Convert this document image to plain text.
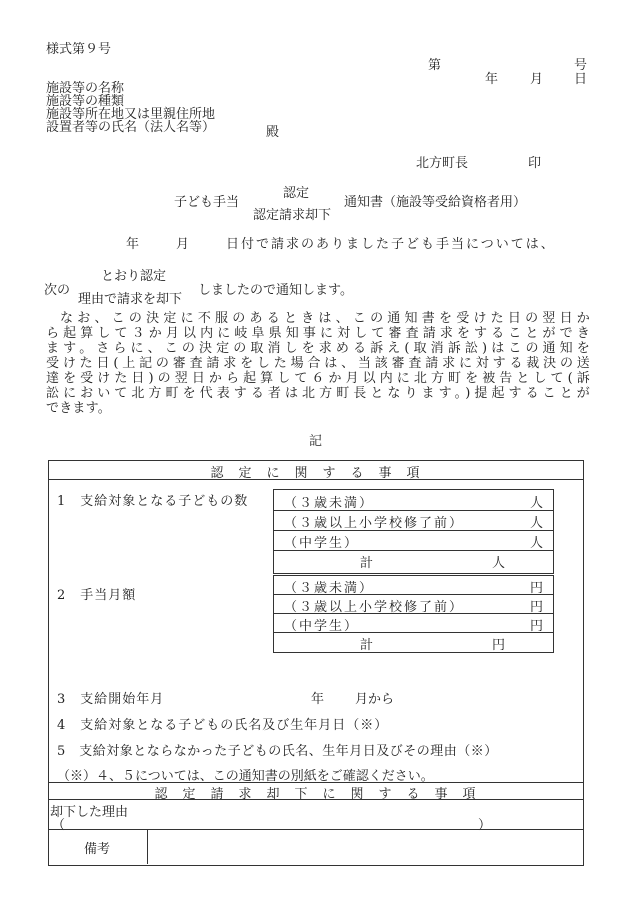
様式第９号
第	号
年 月 日
施設等の名称
施設等の種類
施設等所在地又は里親住所地
設置者等の氏名（法人名等）	殿
北方町長	印
子ども手当
認定
認定請求却下
通知書（施設等受給資格者用）
年	月	日付で請求のありました子ども手当については、
次の
とおり認定
理由で請求を却下
しましたので通知します。
なお、この決定に不服のあるときは、この通知書を受けた日の翌日か
ら起算して３か月以内に岐阜県知事に対して審査請求をすることができ
ます。さらに、この決定の取消しを求める訴え(取消訴訟)はこの通知を
受けた日(上記の審査請求をした場合は、当該審査請求に対する裁決の送
達を受けた日)の翌日から起算して６か月以内に北方町を被告として(訴
訟において北方町を代表する者は北方町長となります。)提起することが
できます。
記
認　定　に　関　す　る　事　項
1　支給対象となる子どもの数	（３歳未満）	人
（３歳以上小学校修了前）	人
（中学生）	人
計	人
2　手当月額	（３歳未満）	円
（３歳以上小学校修了前）	円
（中学生）	円
計	円
3　支給開始年月	年 月から
4　支給対象となる子どもの氏名及び生年月日（※）
5　支給対象とならなかった子どもの氏名、生年月日及びその理由（※）
（※）４、５については、この通知書の別紙をご確認ください。
認　定　請　求　却　下　に　関　す　る　事　項
却下した理由
（	）
備考
